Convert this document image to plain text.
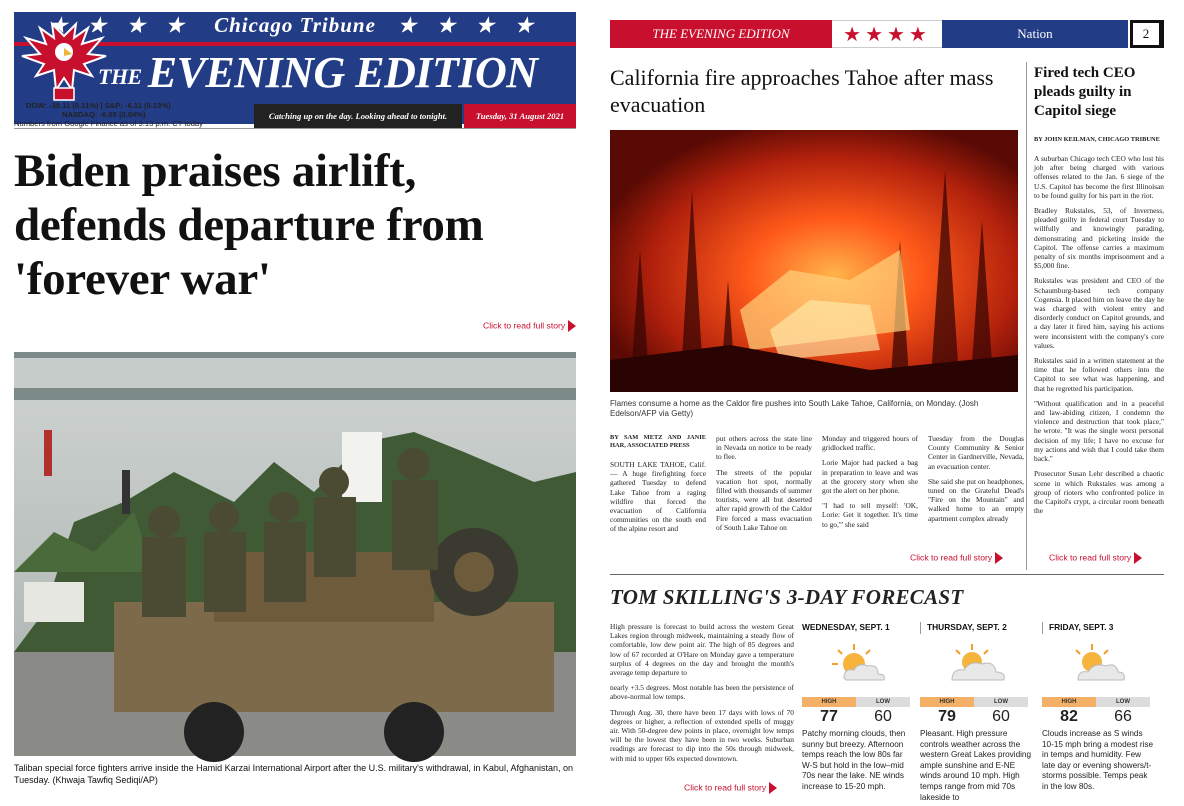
★ ★ ★ ★ Chicago Tribune ★ ★ ★ ★
THE EVENING EDITION
DOW: -39.11 (0.11%) | S&P: -6.11 (0.13%)
NASDAQ: -6.65 (0.04%)
Numbers from Google Finance as of 3:13 p.m. CT today
Catching up on the day. Looking ahead to tonight.	Tuesday, 31 August 2021
Biden praises airlift, defends departure from 'forever war'
Click to read full story
Taliban special force fighters arrive inside the Hamid Karzai International Airport after the U.S. military's withdrawal, in Kabul, Afghanistan, on Tuesday. (Khwaja Tawfiq Sediqi/AP)
THE EVENING EDITION	★★★★	Nation	2
California fire approaches Tahoe after mass evacuation
Flames consume a home as the Caldor fire pushes into South Lake Tahoe, California, on Monday. (Josh Edelson/AFP via Getty)
BY SAM METZ AND JANIE HAR, ASSOCIATED PRESS

SOUTH LAKE TAHOE, Calif. — A huge firefighting force gathered Tuesday to defend Lake Tahoe from a raging wildfire that forced the evacuation of California communities on the south end of the alpine resort and

put others across the state line in Nevada on notice to be ready to flee.

The streets of the popular vacation hot spot, normally filled with thousands of summer tourists, were all but deserted after rapid growth of the Caldor Fire forced a mass evacuation of South Lake Tahoe on

Monday and triggered hours of gridlocked traffic.

Lorie Major had packed a bag in preparation to leave and was at the grocery story when she got the alert on her phone.

"I had to tell myself: 'OK, Lorie: Get it together. It's time to go,'" she said

Tuesday from the Douglas County Community & Senior Center in Gardnerville, Nevada, an evacuation center.

She said she put on headphones, tuned on the Grateful Dead's "Fire on the Mountain" and walked home to an empty apartment complex already

Click to read full story
Fired tech CEO pleads guilty in Capitol siege
BY JOHN KEILMAN, CHICAGO TRIBUNE

A suburban Chicago tech CEO who lost his job after being charged with various offenses related to the Jan. 6 siege of the U.S. Capitol has become the first Illinoisan to be found guilty for his part in the riot.

Bradley Rukstales, 53, of Inverness, pleaded guilty in federal court Tuesday to willfully and knowingly parading, demonstrating and picketing inside the Capitol. The offense carries a maximum penalty of six months imprisonment and a $5,000 fine.

Rukstales was president and CEO of the Schaumburg-based tech company Cogensia. It placed him on leave the day he was charged with violent entry and disorderly conduct on Capitol grounds, and a day later it fired him, saying his actions were inconsistent with the company's core values.

Rukstales said in a written statement at the time that he followed others into the Capitol to see what was happening, and that he regretted his participation.

"Without qualification and in a peaceful and law-abiding citizen, I condemn the violence and destruction that took place," he wrote. "It was the single worst personal decision of my life; I have no excuse for my actions and wish that I could take them back."

Prosecutor Susan Lehr described a chaotic scene in which Rukstales was among a group of rioters who confronted police in the Capitol's crypt, a circular room beneath the

Click to read full story
TOM SKILLING'S 3-DAY FORECAST

High pressure is forecast to build across the western Great Lakes region through midweek, maintaining a steady flow of comfortable, low dew point air. The high of 85 degrees and low of 67 recorded at O'Hare on Monday gave a temperature surplus of 4 degrees on the day and brought the month's average temp departure to

nearly +3.5 degrees. Most notable has been the persistence of above-normal low temps.

Through Aug. 30, there have been 17 days with lows of 70 degrees or higher, a reflection of extended spells of muggy air. With 50-degree dew points in place, overnight low temps will be the lowest they have been in two weeks. Suburban readings are forecast to dip into the 50s through midweek, with mid to upper 60s expected downtown.

WEDNESDAY, SEPT. 1
HIGH
77
LOW
60
Patchy morning clouds, then sunny but breezy. Afternoon temps reach the low 80s far W-S but hold in the low–mid 70s near the lake. NE winds increase to 15-20 mph.
THURSDAY, SEPT. 2
HIGH
79
LOW
60
Pleasant. High pressure controls weather across the western Great Lakes providing ample sunshine and E-NE winds around 10 mph. High temps range from mid 70s lakeside to
FRIDAY, SEPT. 3
HIGH
82
LOW
66
Clouds increase as S winds 10-15 mph bring a modest rise in temps and humidity. Few late day or evening showers/t-storms possible. Temps peak in the low 80s.
Click to read full story
